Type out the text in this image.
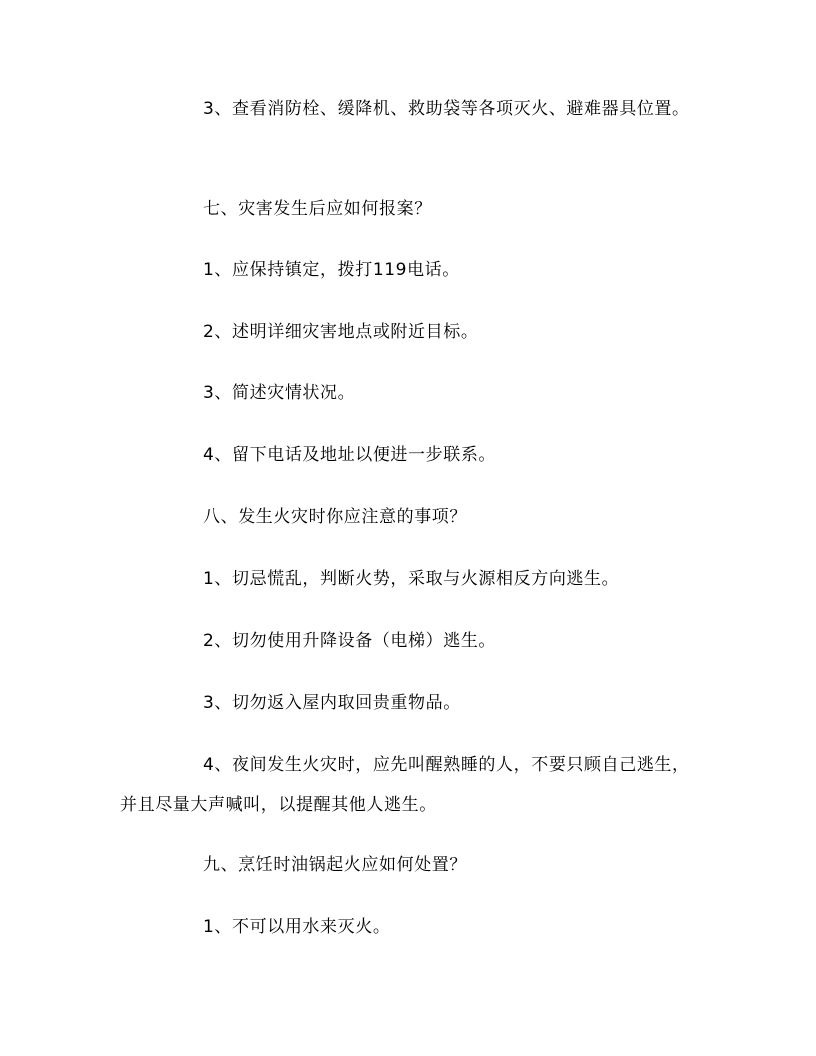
3、查看消防栓、缓降机、救助袋等各项灭火、避难器具位置。

七、灾害发生后应如何报案？

1、应保持镇定，拨打119电话。

2、述明详细灾害地点或附近目标。

3、简述灾情状况。

4、留下电话及地址以便进一步联系。

八、发生火灾时你应注意的事项？

1、切忌慌乱，判断火势，采取与火源相反方向逃生。

2、切勿使用升降设备（电梯）逃生。

3、切勿返入屋内取回贵重物品。

4、夜间发生火灾时，应先叫醒熟睡的人，不要只顾自己逃生，并且尽量大声喊叫，以提醒其他人逃生。

九、烹饪时油锅起火应如何处置？

1、不可以用水来灭火。
